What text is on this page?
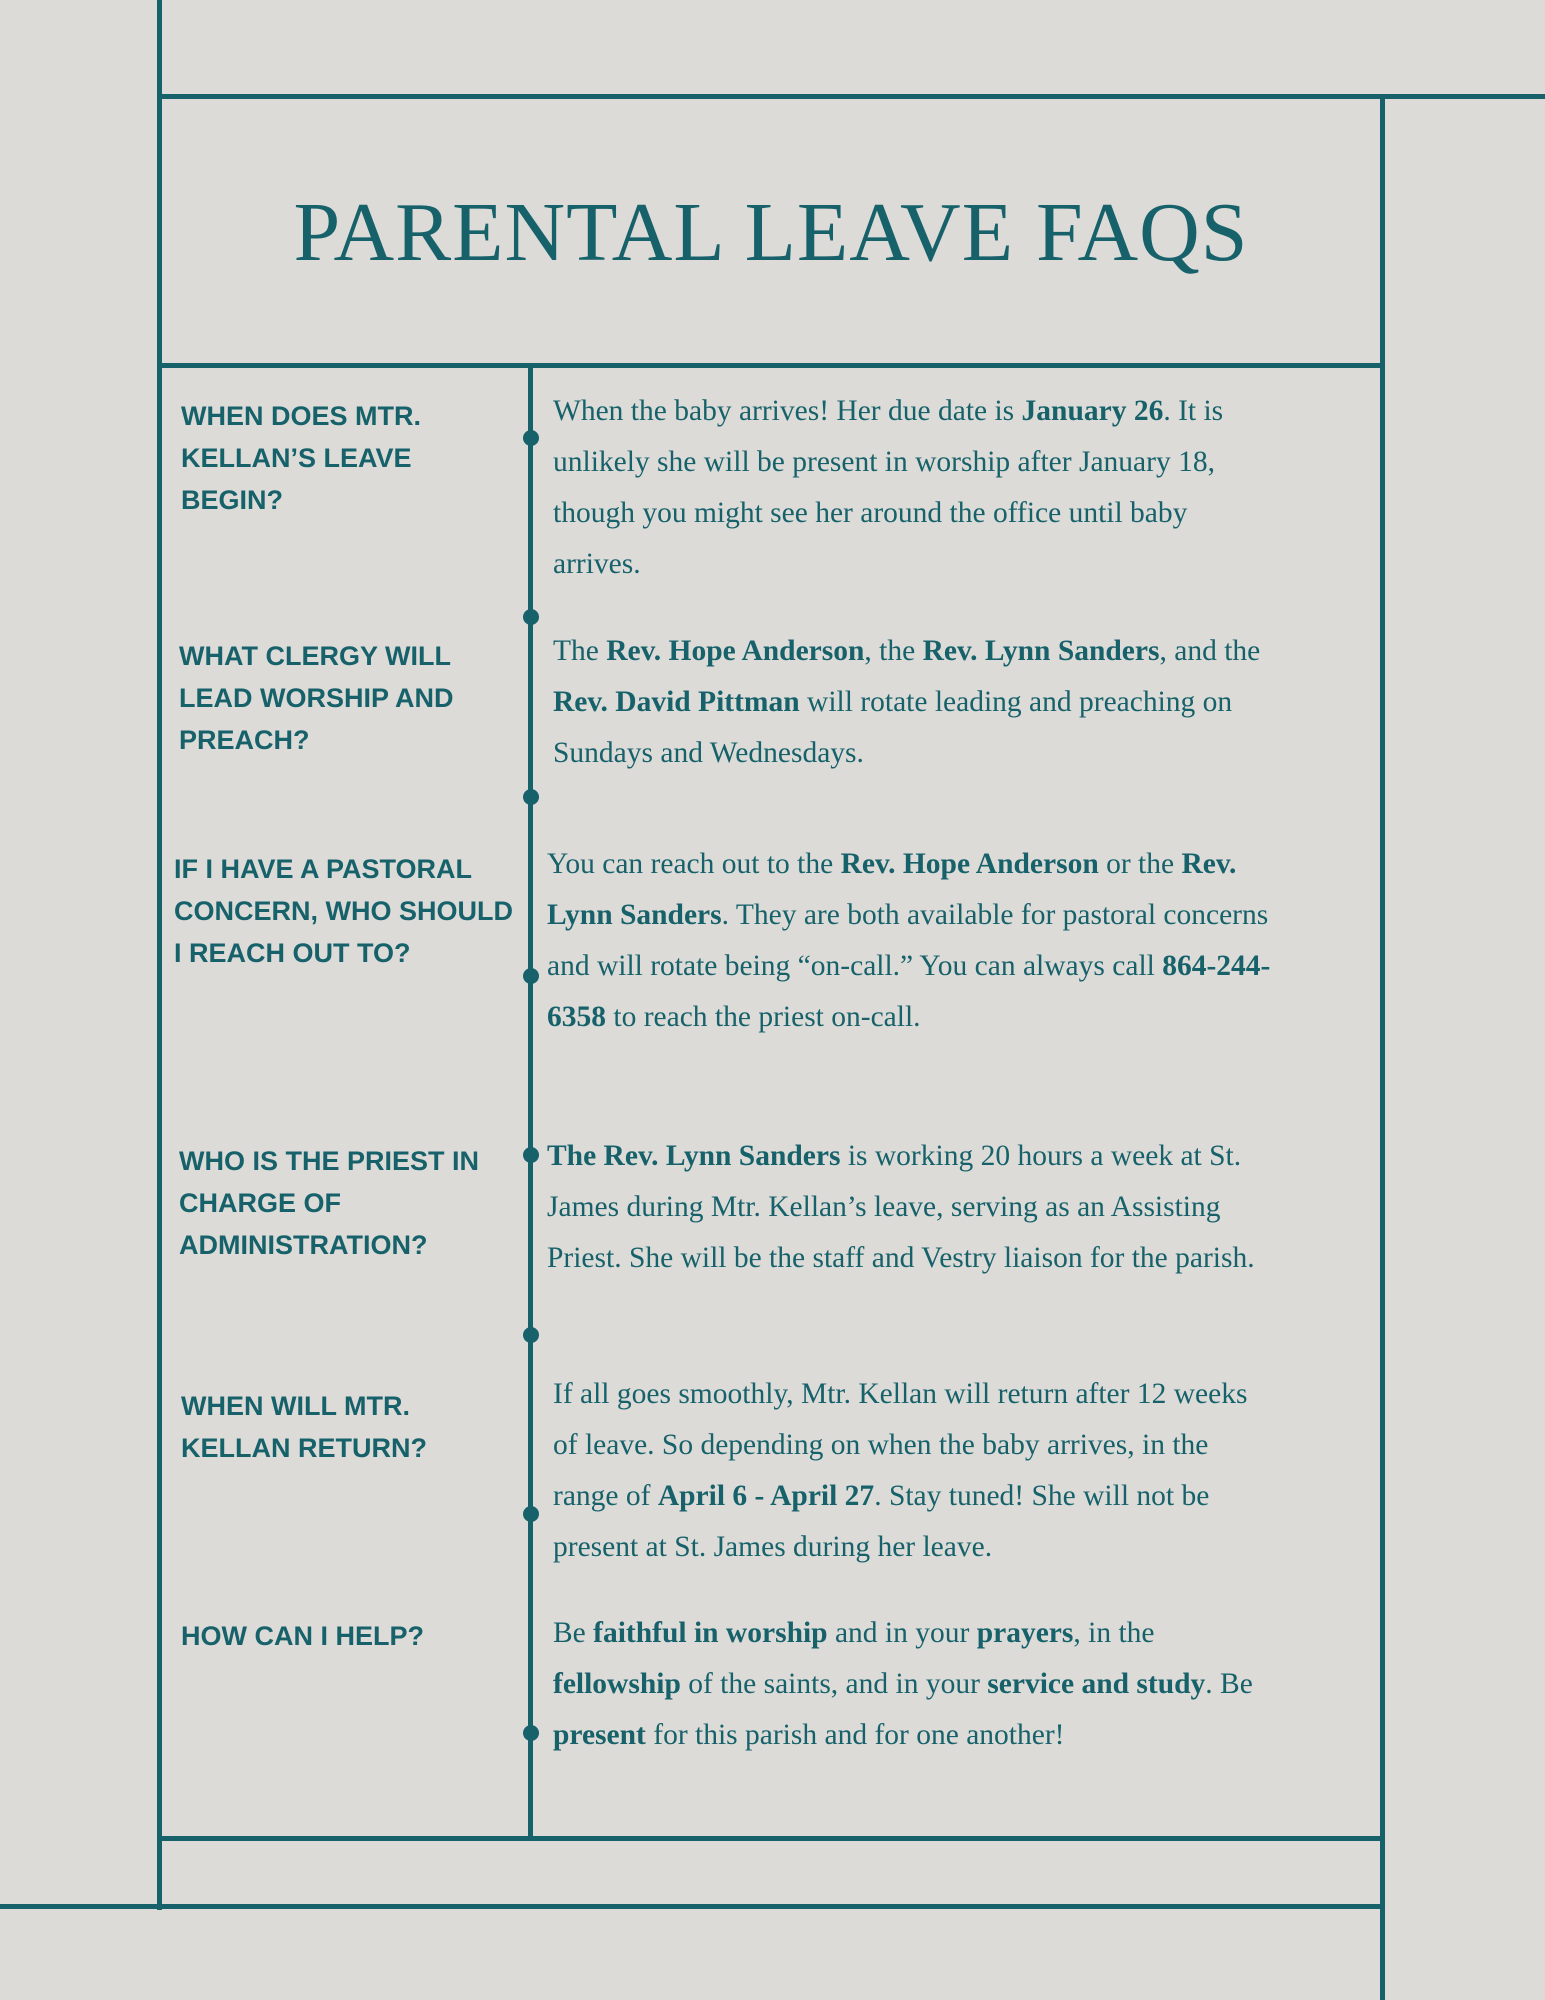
PARENTAL LEAVE FAQS
WHEN DOES MTR. KELLAN’S LEAVE BEGIN?
WHAT CLERGY WILL LEAD WORSHIP AND PREACH?
IF I HAVE A PASTORAL CONCERN, WHO SHOULD I REACH OUT TO?
WHO IS THE PRIEST IN CHARGE OF ADMINISTRATION?
WHEN WILL MTR. KELLAN RETURN?
HOW CAN I HELP?
When the baby arrives! Her due date is January 26. It is unlikely she will be present in worship after January 18, though you might see her around the office until baby arrives.
The Rev. Hope Anderson, the Rev. Lynn Sanders, and the Rev. David Pittman will rotate leading and preaching on Sundays and Wednesdays.
You can reach out to the Rev. Hope Anderson or the Rev. Lynn Sanders. They are both available for pastoral concerns and will rotate being “on-call.” You can always call 864-244-6358 to reach the priest on-call.
The Rev. Lynn Sanders is working 20 hours a week at St. James during Mtr. Kellan’s leave, serving as an Assisting Priest. She will be the staff and Vestry liaison for the parish.
If all goes smoothly, Mtr. Kellan will return after 12 weeks of leave. So depending on when the baby arrives, in the range of April 6 - April 27. Stay tuned! She will not be present at St. James during her leave.
Be faithful in worship and in your prayers, in the fellowship of the saints, and in your service and study. Be present for this parish and for one another!
